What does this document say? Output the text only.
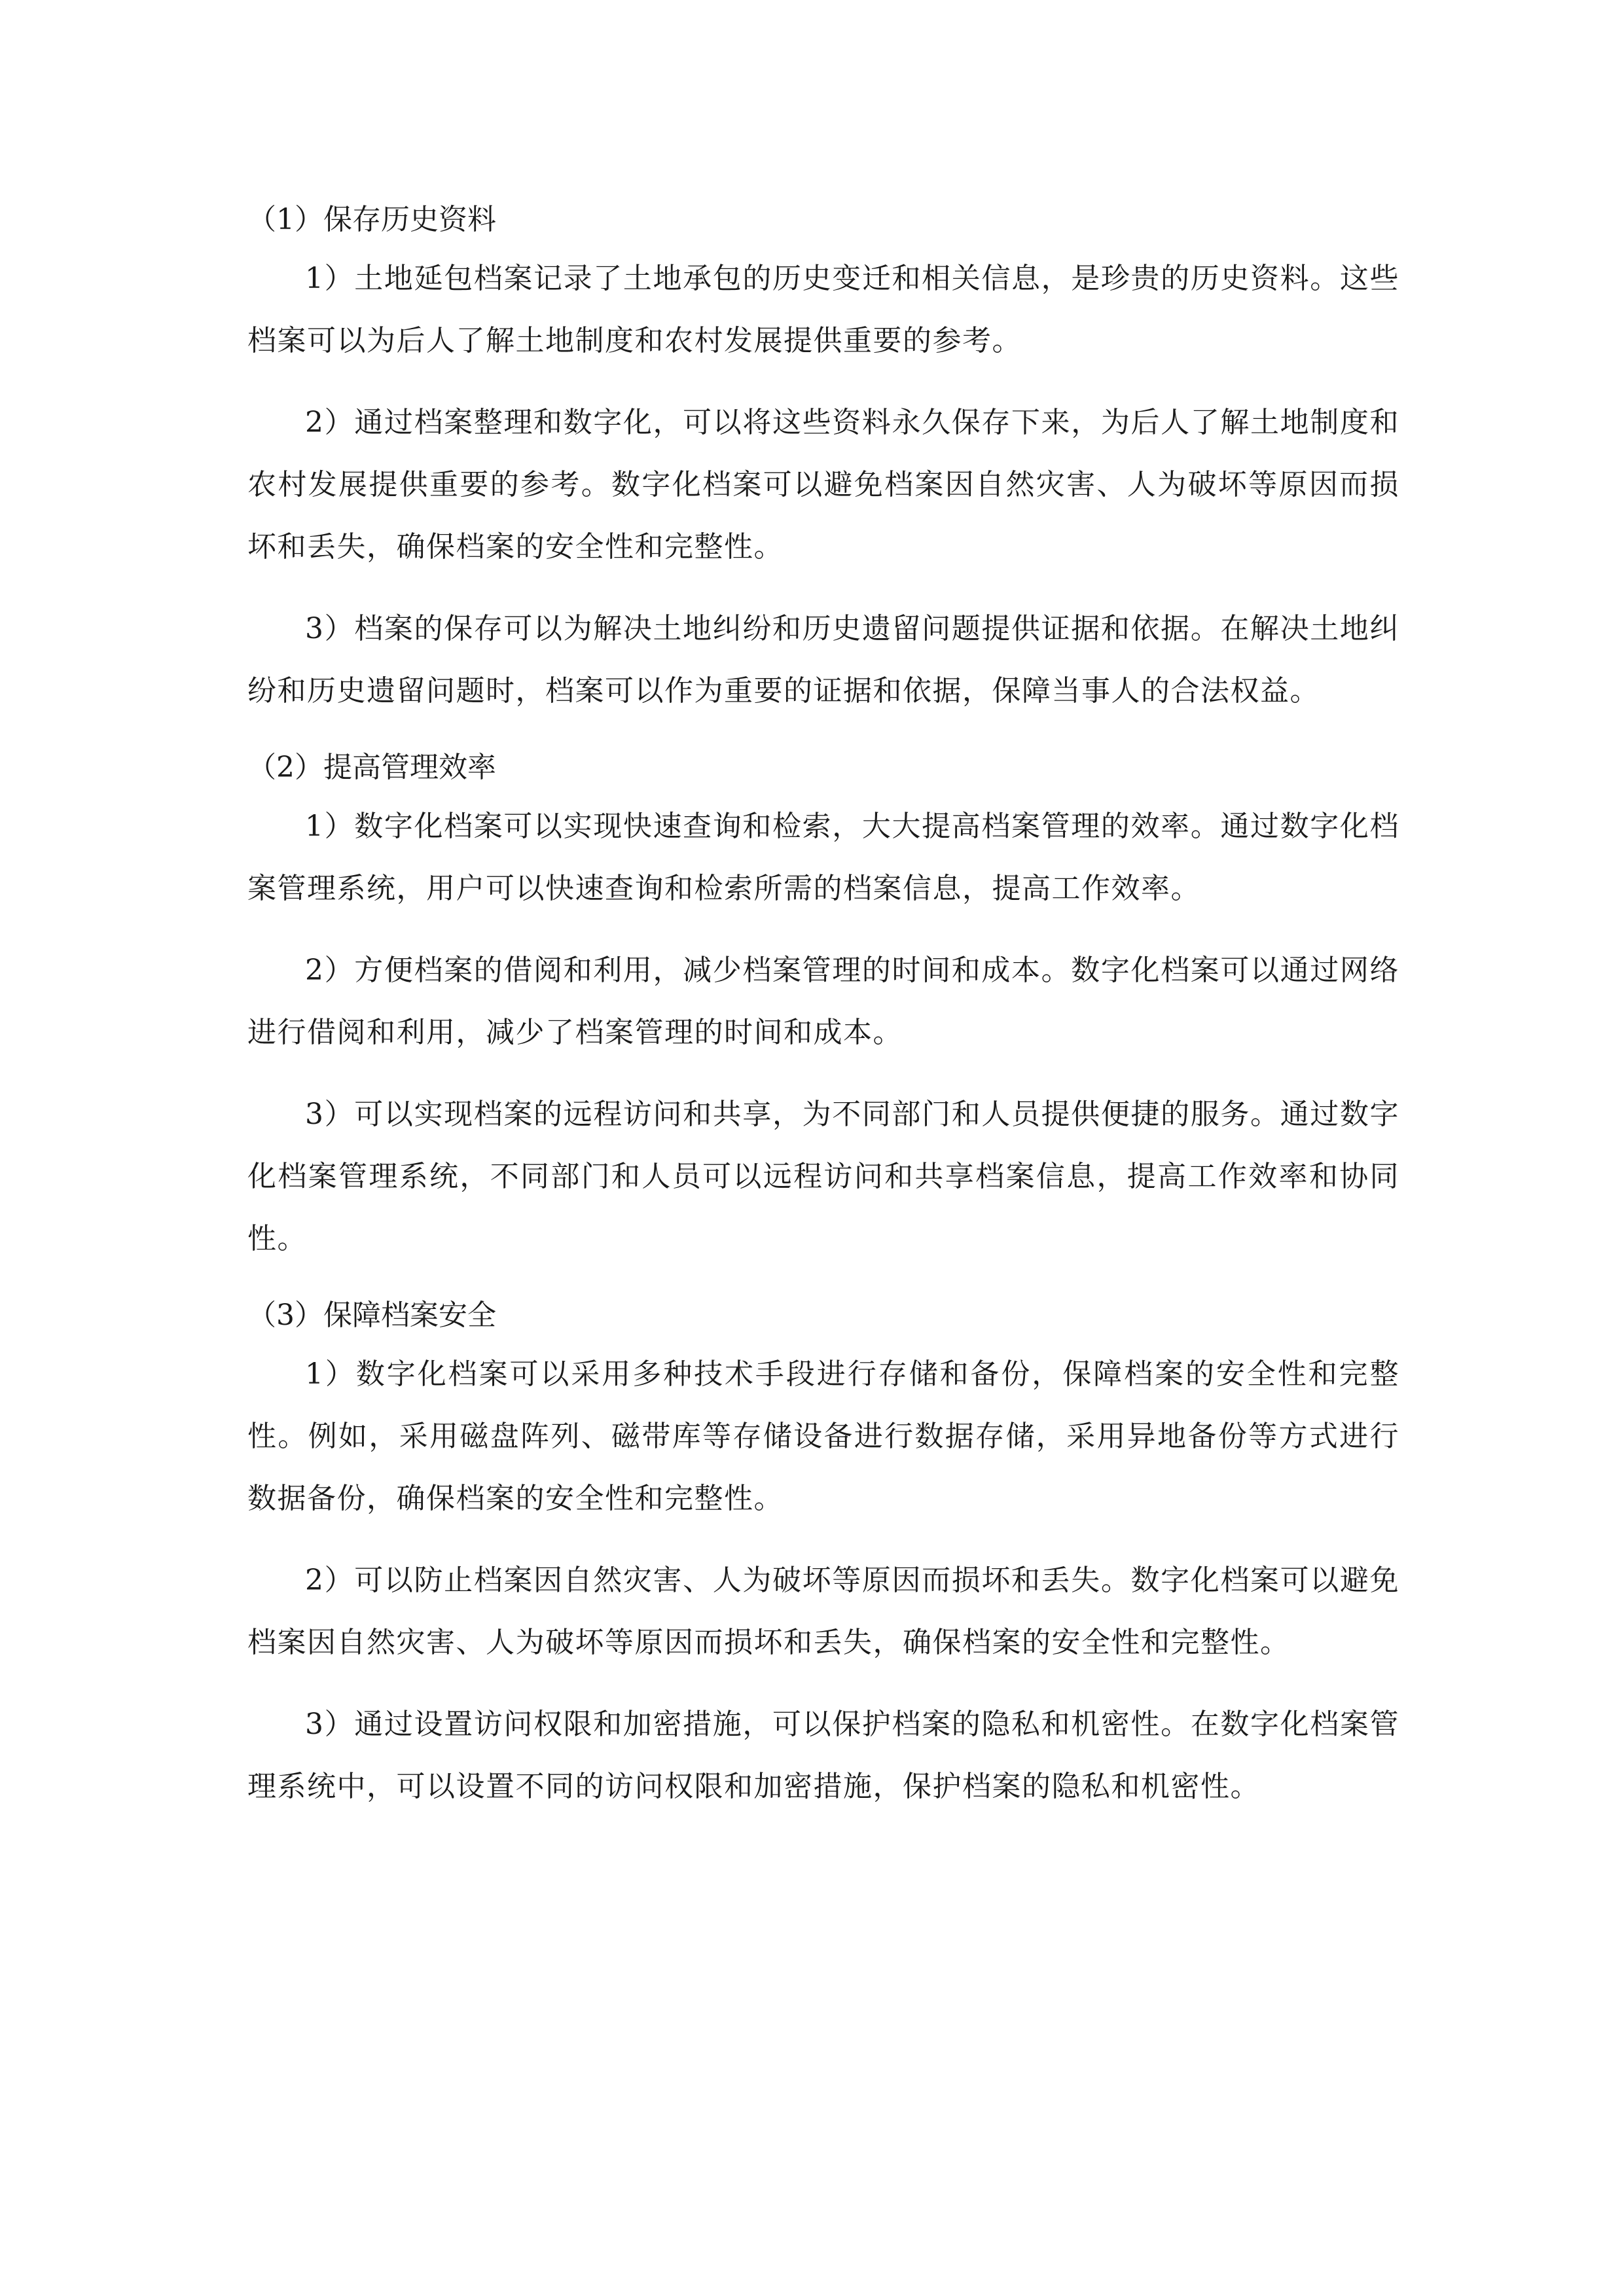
（1）保存历史资料

1）土地延包档案记录了土地承包的历史变迁和相关信息，是珍贵的历史资料。这些档案可以为后人了解土地制度和农村发展提供重要的参考。

2）通过档案整理和数字化，可以将这些资料永久保存下来，为后人了解土地制度和农村发展提供重要的参考。数字化档案可以避免档案因自然灾害、人为破坏等原因而损坏和丢失，确保档案的安全性和完整性。

3）档案的保存可以为解决土地纠纷和历史遗留问题提供证据和依据。在解决土地纠纷和历史遗留问题时，档案可以作为重要的证据和依据，保障当事人的合法权益。

（2）提高管理效率

1）数字化档案可以实现快速查询和检索，大大提高档案管理的效率。通过数字化档案管理系统，用户可以快速查询和检索所需的档案信息，提高工作效率。

2）方便档案的借阅和利用，减少档案管理的时间和成本。数字化档案可以通过网络进行借阅和利用，减少了档案管理的时间和成本。

3）可以实现档案的远程访问和共享，为不同部门和人员提供便捷的服务。通过数字化档案管理系统，不同部门和人员可以远程访问和共享档案信息，提高工作效率和协同性。

（3）保障档案安全

1）数字化档案可以采用多种技术手段进行存储和备份，保障档案的安全性和完整性。例如，采用磁盘阵列、磁带库等存储设备进行数据存储，采用异地备份等方式进行数据备份，确保档案的安全性和完整性。

2）可以防止档案因自然灾害、人为破坏等原因而损坏和丢失。数字化档案可以避免档案因自然灾害、人为破坏等原因而损坏和丢失，确保档案的安全性和完整性。

3）通过设置访问权限和加密措施，可以保护档案的隐私和机密性。在数字化档案管理系统中，可以设置不同的访问权限和加密措施，保护档案的隐私和机密性。
